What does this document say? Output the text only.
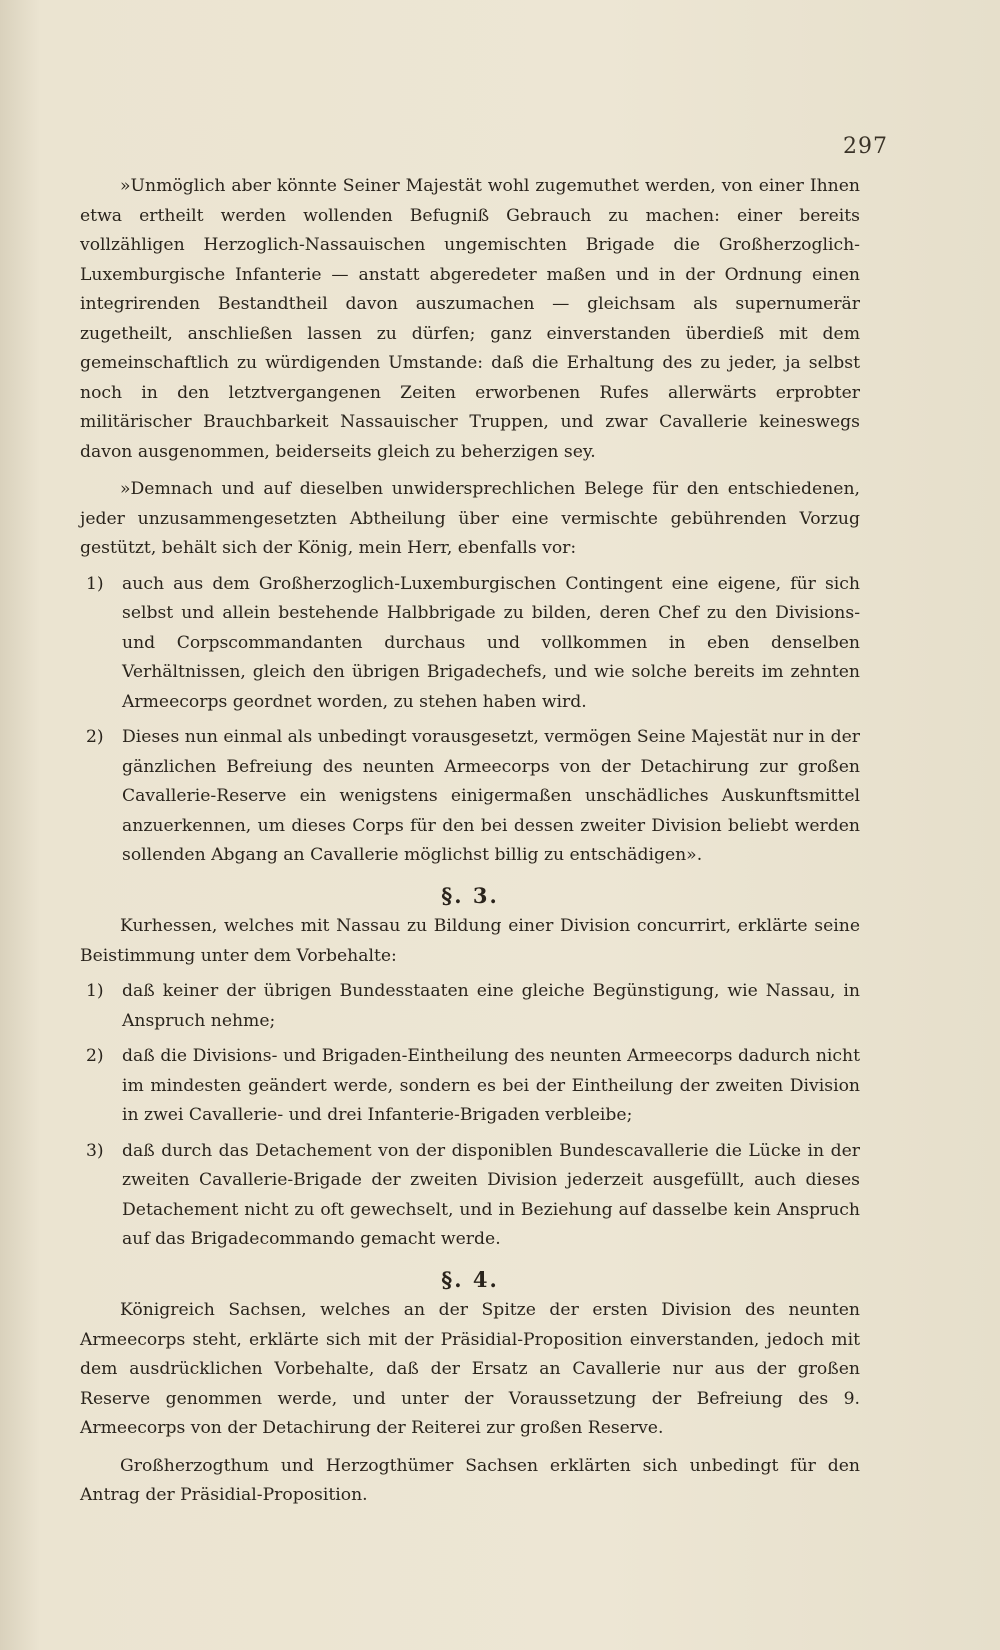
297

»Unmöglich aber könnte Seiner Majestät wohl zugemuthet werden, von einer Ihnen etwa ertheilt werden wollenden Befugniß Gebrauch zu machen: einer bereits vollzähligen Herzoglich-Nassauischen ungemischten Brigade die Großherzoglich-Luxemburgische Infanterie — anstatt abgeredeter maßen und in der Ordnung einen integrirenden Bestandtheil davon auszumachen — gleichsam als supernumerär zugetheilt, anschließen lassen zu dürfen; ganz einverstanden überdieß mit dem gemeinschaftlich zu würdigenden Umstande: daß die Erhaltung des zu jeder, ja selbst noch in den letztvergangenen Zeiten erworbenen Rufes allerwärts erprobter militärischer Brauchbarkeit Nassauischer Truppen, und zwar Cavallerie keineswegs davon ausgenommen, beiderseits gleich zu beherzigen sey.

»Demnach und auf dieselben unwidersprechlichen Belege für den entschiedenen, jeder unzusammengesetzten Abtheilung über eine vermischte gebührenden Vorzug gestützt, behält sich der König, mein Herr, ebenfalls vor:

1)	auch aus dem Großherzoglich-Luxemburgischen Contingent eine eigene, für sich selbst und allein bestehende Halbbrigade zu bilden, deren Chef zu den Divisions- und Corpscommandanten durchaus und vollkommen in eben denselben Verhältnissen, gleich den übrigen Brigadechefs, und wie solche bereits im zehnten Armeecorps geordnet worden, zu stehen haben wird.
2)	Dieses nun einmal als unbedingt vorausgesetzt, vermögen Seine Majestät nur in der gänzlichen Befreiung des neunten Armeecorps von der Detachirung zur großen Cavallerie-Reserve ein wenigstens einigermaßen unschädliches Auskunftsmittel anzuerkennen, um dieses Corps für den bei dessen zweiter Division beliebt werden sollenden Abgang an Cavallerie möglichst billig zu entschädigen».

§. 3.

Kurhessen, welches mit Nassau zu Bildung einer Division concurrirt, erklärte seine Beistimmung unter dem Vorbehalte:

1)	daß keiner der übrigen Bundesstaaten eine gleiche Begünstigung, wie Nassau, in Anspruch nehme;
2)	daß die Divisions- und Brigaden-Eintheilung des neunten Armeecorps dadurch nicht im mindesten geändert werde, sondern es bei der Eintheilung der zweiten Division in zwei Cavallerie- und drei Infanterie-Brigaden verbleibe;
3)	daß durch das Detachement von der disponiblen Bundescavallerie die Lücke in der zweiten Cavallerie-Brigade der zweiten Division jederzeit ausgefüllt, auch dieses Detachement nicht zu oft gewechselt, und in Beziehung auf dasselbe kein Anspruch auf das Brigadecommando gemacht werde.

§. 4.

Königreich Sachsen, welches an der Spitze der ersten Division des neunten Armeecorps steht, erklärte sich mit der Präsidial-Proposition einverstanden, jedoch mit dem ausdrücklichen Vorbehalte, daß der Ersatz an Cavallerie nur aus der großen Reserve genommen werde, und unter der Voraussetzung der Befreiung des 9. Armeecorps von der Detachirung der Reiterei zur großen Reserve.

Großherzogthum und Herzogthümer Sachsen erklärten sich unbedingt für den Antrag der Präsidial-Proposition.
